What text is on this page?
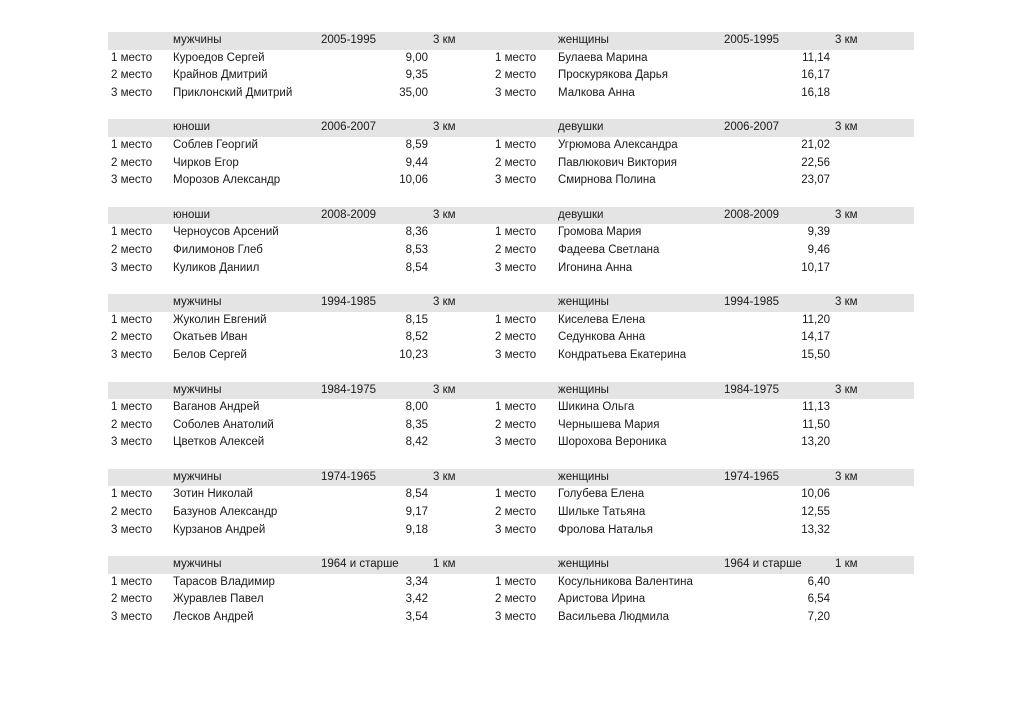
мужчины	2005-1995	3 км	женщины	2005-1995	3 км
1 место Куроедов Сергей	9,00	1 место Булаева Марина	11,14
2 место Крайнов Дмитрий	9,35	2 место Проскурякова Дарья	16,17
3 место Приклонский Дмитрий	35,00	3 место Малкова Анна	16,18
юноши	2006-2007	3 км	девушки	2006-2007	3 км
1 место Соблев Георгий	8,59	1 место Угрюмова Александра	21,02
2 место Чирков Егор	9,44	2 место Павлюкович Виктория	22,56
3 место Морозов Александр	10,06	3 место Смирнова Полина	23,07
юноши	2008-2009	3 км	девушки	2008-2009	3 км
1 место Черноусов Арсений	8,36	1 место Громова Мария	9,39
2 место Филимонов Глеб	8,53	2 место Фадеева Светлана	9,46
3 место Куликов Даниил	8,54	3 место Игонина Анна	10,17
мужчины	1994-1985	3 км	женщины	1994-1985	3 км
1 место Жуколин Евгений	8,15	1 место Киселева Елена	11,20
2 место Окатьев Иван	8,52	2 место Седункова Анна	14,17
3 место Белов Сергей	10,23	3 место Кондратьева Екатерина	15,50
мужчины	1984-1975	3 км	женщины	1984-1975	3 км
1 место Ваганов Андрей	8,00	1 место Шикина Ольга	11,13
2 место Соболев Анатолий	8,35	2 место Чернышева Мария	11,50
3 место Цветков Алексей	8,42	3 место Шорохова Вероника	13,20
мужчины	1974-1965	3 км	женщины	1974-1965	3 км
1 место Зотин Николай	8,54	1 место Голубева Елена	10,06
2 место Базунов Александр	9,17	2 место Шильке Татьяна	12,55
3 место Курзанов Андрей	9,18	3 место Фролова Наталья	13,32
мужчины	1964 и старше	1 км	женщины	1964 и старше	1 км
1 место Тарасов Владимир	3,34	1 место Косульникова Валентина	6,40
2 место Журавлев Павел	3,42	2 место Аристова Ирина	6,54
3 место Лесков Андрей	3,54	3 место Васильева Людмила	7,20
